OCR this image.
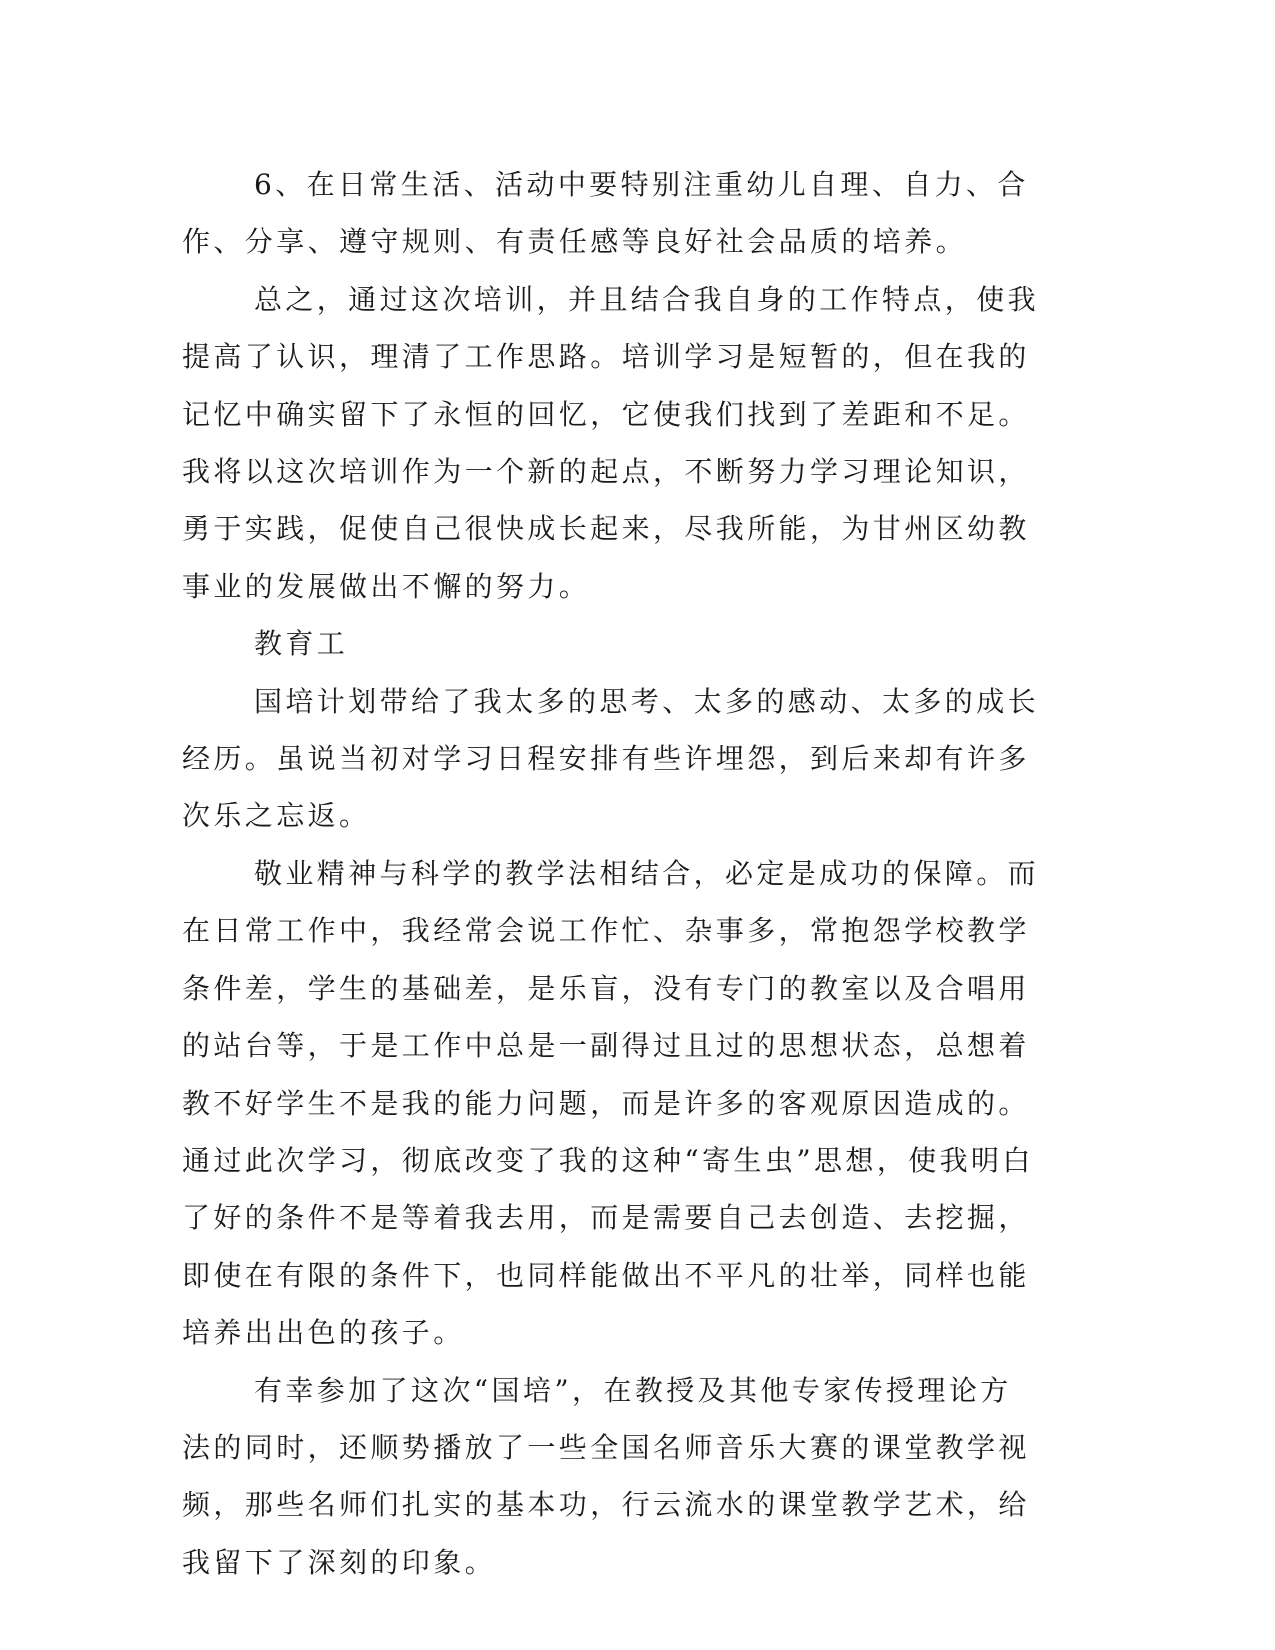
6、在日常生活、活动中要特别注重幼儿自理、自力、合作、分享、遵守规则、有责任感等良好社会品质的培养。

总之，通过这次培训，并且结合我自身的工作特点，使我提高了认识，理清了工作思路。培训学习是短暂的，但在我的记忆中确实留下了永恒的回忆，它使我们找到了差距和不足。我将以这次培训作为一个新的起点，不断努力学习理论知识，勇于实践，促使自己很快成长起来，尽我所能，为甘州区幼教事业的发展做出不懈的努力。

教育工

国培计划带给了我太多的思考、太多的感动、太多的成长经历。虽说当初对学习日程安排有些许埋怨，到后来却有许多次乐之忘返。

敬业精神与科学的教学法相结合，必定是成功的保障。而在日常工作中，我经常会说工作忙、杂事多，常抱怨学校教学条件差，学生的基础差，是乐盲，没有专门的教室以及合唱用的站台等，于是工作中总是一副得过且过的思想状态，总想着教不好学生不是我的能力问题，而是许多的客观原因造成的。通过此次学习，彻底改变了我的这种“寄生虫”思想，使我明白了好的条件不是等着我去用，而是需要自己去创造、去挖掘，即使在有限的条件下，也同样能做出不平凡的壮举，同样也能培养出出色的孩子。

有幸参加了这次“国培”，在教授及其他专家传授理论方法的同时，还顺势播放了一些全国名师音乐大赛的课堂教学视频，那些名师们扎实的基本功，行云流水的课堂教学艺术，给我留下了深刻的印象。
